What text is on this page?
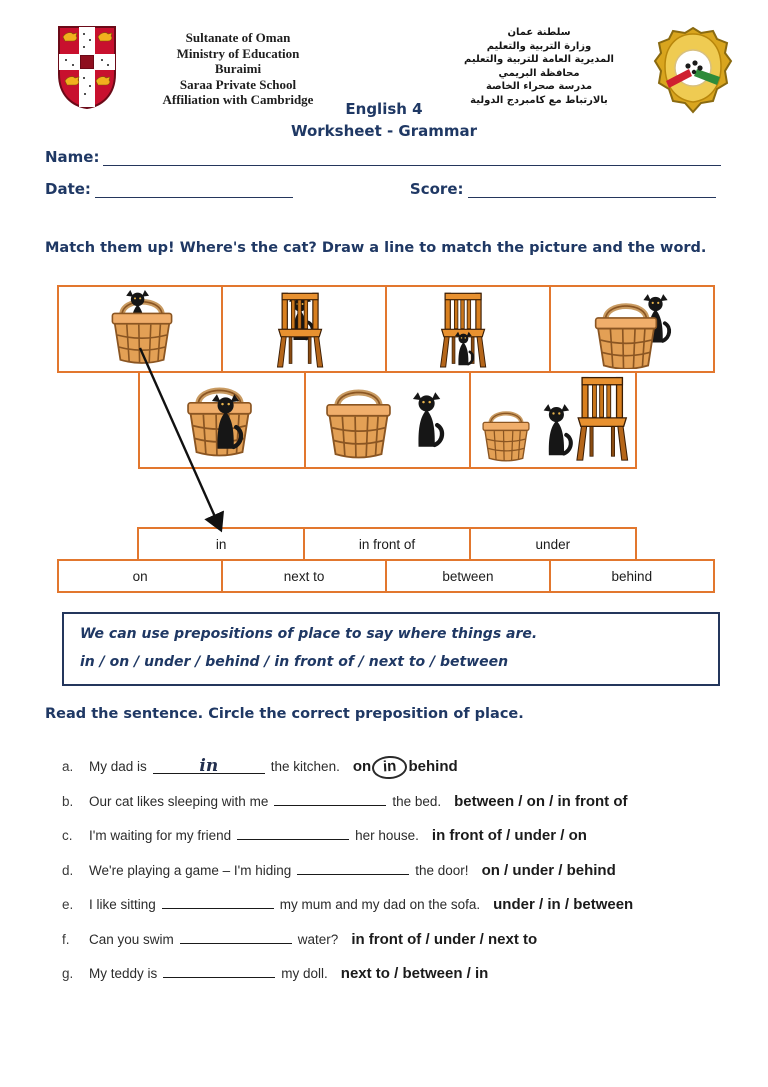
Sultanate of Oman
Ministry of Education
Buraimi
Saraa Private School
Affiliation with Cambridge
سلطنة عمان
وزارة التربية والتعليم
المديرية العامة للتربية والتعليم
محافظة البريمي
مدرسة صحراء الخاصة
بالارتباط مع كامبردج الدولية
English 4
Worksheet - Grammar
Name:
Date:	Score:
Match them up! Where's the cat? Draw a line to match the picture and the word.
in	in front of	under
on	next to	between	behind
We can use prepositions of place to say where things are.
in / on / under / behind / in front of / next to / between
Read the sentence. Circle the correct preposition of place.
a.	My dad is	in	the kitchen. on in behind
b.	Our cat likes sleeping with me	the bed. between / on / in front of
c.	I'm waiting for my friend	her house. in front of / under / on
d.	We're playing a game – I'm hiding	the door! on / under / behind
e.	I like sitting	my mum and my dad on the sofa. under / in / between
f.	Can you swim	water? in front of / under / next to
g.	My teddy is	my doll. next to / between / in
